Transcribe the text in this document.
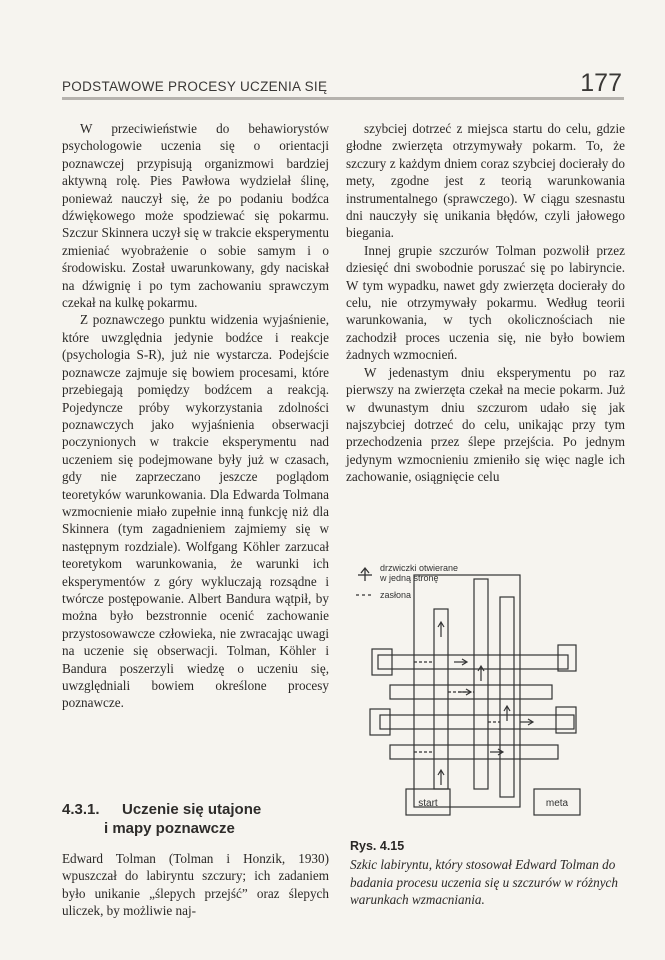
PODSTAWOWE PROCESY UCZENIA SIĘ	177

W przeciwieństwie do behawiorystów psychologowie uczenia się o orientacji poznawczej przypisują organizmowi bardziej aktywną rolę. Pies Pawłowa wydzielał ślinę, ponieważ nauczył się, że po podaniu bodźca dźwiękowego może spodziewać się pokarmu. Szczur Skinnera uczył się w trakcie eksperymentu zmieniać wyobrażenie o sobie samym i o środowisku. Został uwarunkowany, gdy naciskał na dźwignię i po tym zachowaniu sprawczym czekał na kulkę pokarmu.

Z poznawczego punktu widzenia wyjaśnienie, które uwzględnia jedynie bodźce i reakcje (psychologia S-R), już nie wystarcza. Podejście poznawcze zajmuje się bowiem procesami, które przebiegają pomiędzy bodźcem a reakcją. Pojedyncze próby wykorzystania zdolności poznawczych jako wyjaśnienia obserwacji poczynionych w trakcie eksperymentu nad uczeniem się podejmowane były już w czasach, gdy nie zaprzeczano jeszcze poglądom teoretyków warunkowania. Dla Edwarda Tolmana wzmocnienie miało zupełnie inną funkcję niż dla Skinnera (tym zagadnieniem zajmiemy się w następnym rozdziale). Wolfgang Köhler zarzucał teoretykom warunkowania, że warunki ich eksperymentów z góry wykluczają rozsądne i twórcze postępowanie. Albert Bandura wątpił, by można było bezstronnie ocenić zachowanie przystosowawcze człowieka, nie zwracając uwagi na uczenie się obserwacji. Tolman, Köhler i Bandura poszerzyli wiedzę o uczeniu się, uwzględniali bowiem określone procesy poznawcze.

4.3.1. Uczenie się utajone
i mapy poznawcze

Edward Tolman (Tolman i Honzik, 1930) wpuszczał do labiryntu szczury; ich zadaniem było unikanie „ślepych przejść” oraz ślepych uliczek, by możliwie naj-

szybciej dotrzeć z miejsca startu do celu, gdzie głodne zwierzęta otrzymywały pokarm. To, że szczury z każdym dniem coraz szybciej docierały do mety, zgodne jest z teorią warunkowania instrumentalnego (sprawczego). W ciągu szesnastu dni nauczyły się unikania błędów, czyli jałowego biegania.

Innej grupie szczurów Tolman pozwolił przez dziesięć dni swobodnie poruszać się po labiryncie. W tym wypadku, nawet gdy zwierzęta docierały do celu, nie otrzymywały pokarmu. Według teorii warunkowania, w tych okolicznościach nie zachodził proces uczenia się, nie było bowiem żadnych wzmocnień.

W jedenastym dniu eksperymentu po raz pierwszy na zwierzęta czekał na mecie pokarm. Już w dwunastym dniu szczurom udało się jak najszybciej dotrzeć do celu, unikając przy tym przechodzenia przez ślepe przejścia. Po jednym jedynym wzmocnieniu zmieniło się więc nagle ich zachowanie, osiągnięcie celu

drzwiczki otwierane
w jedną stronę
zasłona
start	meta
Rys. 4.15
Szkic labiryntu, który stosował Edward Tolman do badania procesu uczenia się u szczurów w różnych warunkach wzmacniania.
